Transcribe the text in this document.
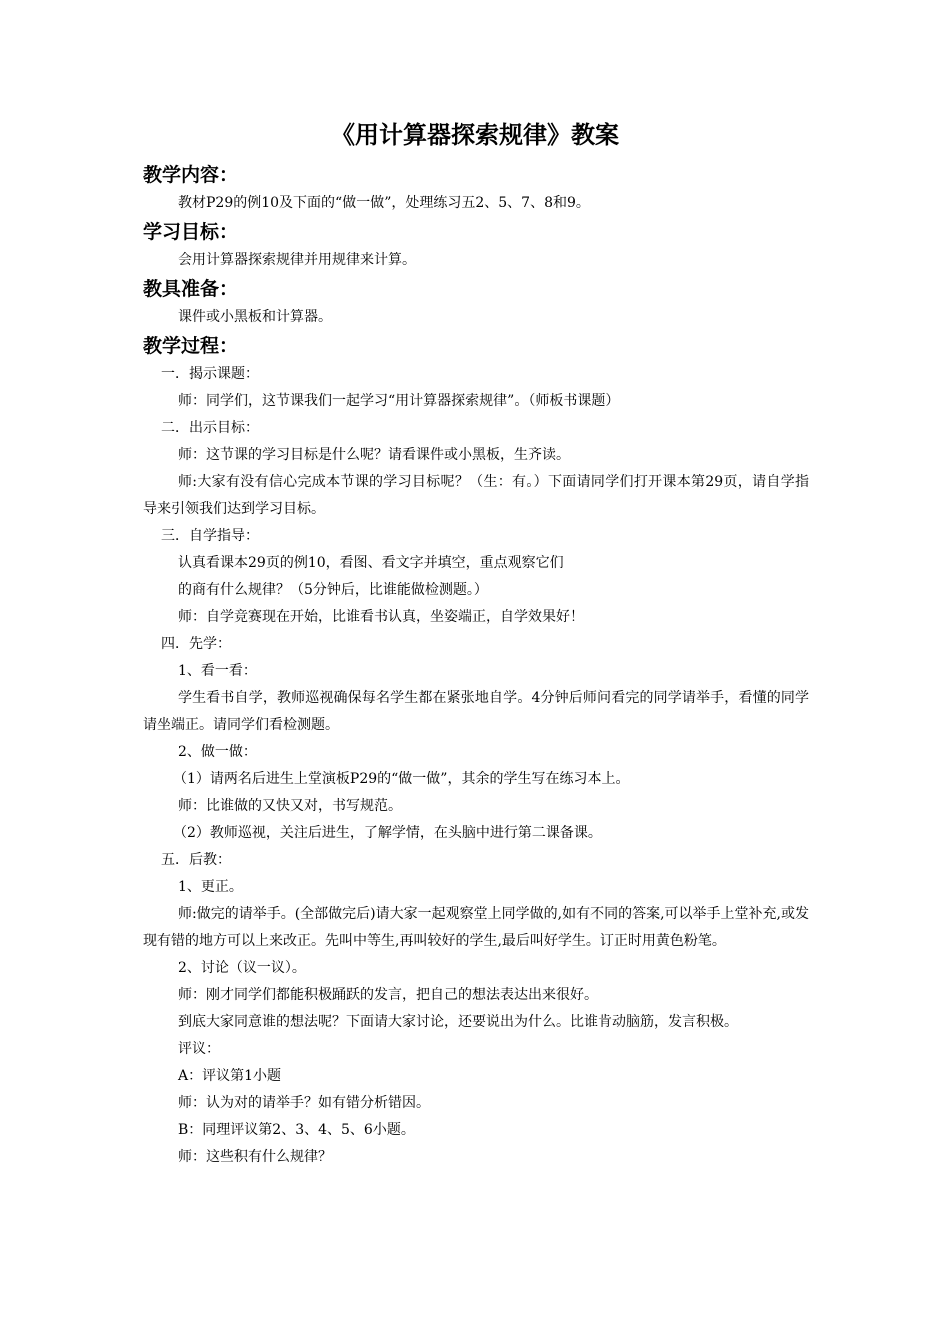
《用计算器探索规律》教案

教学内容：

教材P29的例10及下面的“做一做”，处理练习五2、5、7、8和9。

学习目标：

会用计算器探索规律并用规律来计算。

教具准备：

课件或小黑板和计算器。

教学过程：

一．揭示课题：

师：同学们，这节课我们一起学习“用计算器探索规律”。（师板书课题）

二．出示目标：

师：这节课的学习目标是什么呢？请看课件或小黑板，生齐读。

师:大家有没有信心完成本节课的学习目标呢？（生：有。）下面请同学们打开课本第29页，请自学指导来引领我们达到学习目标。

三．自学指导：

认真看课本29页的例10，看图、看文字并填空，重点观察它们

的商有什么规律？（5分钟后，比谁能做检测题。）

师：自学竞赛现在开始，比谁看书认真，坐姿端正，自学效果好！

四．先学：

1、看一看：

学生看书自学，教师巡视确保每名学生都在紧张地自学。4分钟后师问看完的同学请举手，看懂的同学请坐端正。请同学们看检测题。

2、做一做：

（1）请两名后进生上堂演板P29的“做一做”，其余的学生写在练习本上。

师：比谁做的又快又对，书写规范。

（2）教师巡视，关注后进生，了解学情，在头脑中进行第二课备课。

五．后教：

1、更正。

师:做完的请举手。(全部做完后)请大家一起观察堂上同学做的,如有不同的答案,可以举手上堂补充,或发现有错的地方可以上来改正。先叫中等生,再叫较好的学生,最后叫好学生。订正时用黄色粉笔。

2、讨论（议一议）。

师：刚才同学们都能积极踊跃的发言，把自己的想法表达出来很好。

到底大家同意谁的想法呢？下面请大家讨论，还要说出为什么。比谁肯动脑筋，发言积极。

评议：

A：评议第1小题

师：认为对的请举手？如有错分析错因。

B：同理评议第2、3、4、5、6小题。

师：这些积有什么规律？
